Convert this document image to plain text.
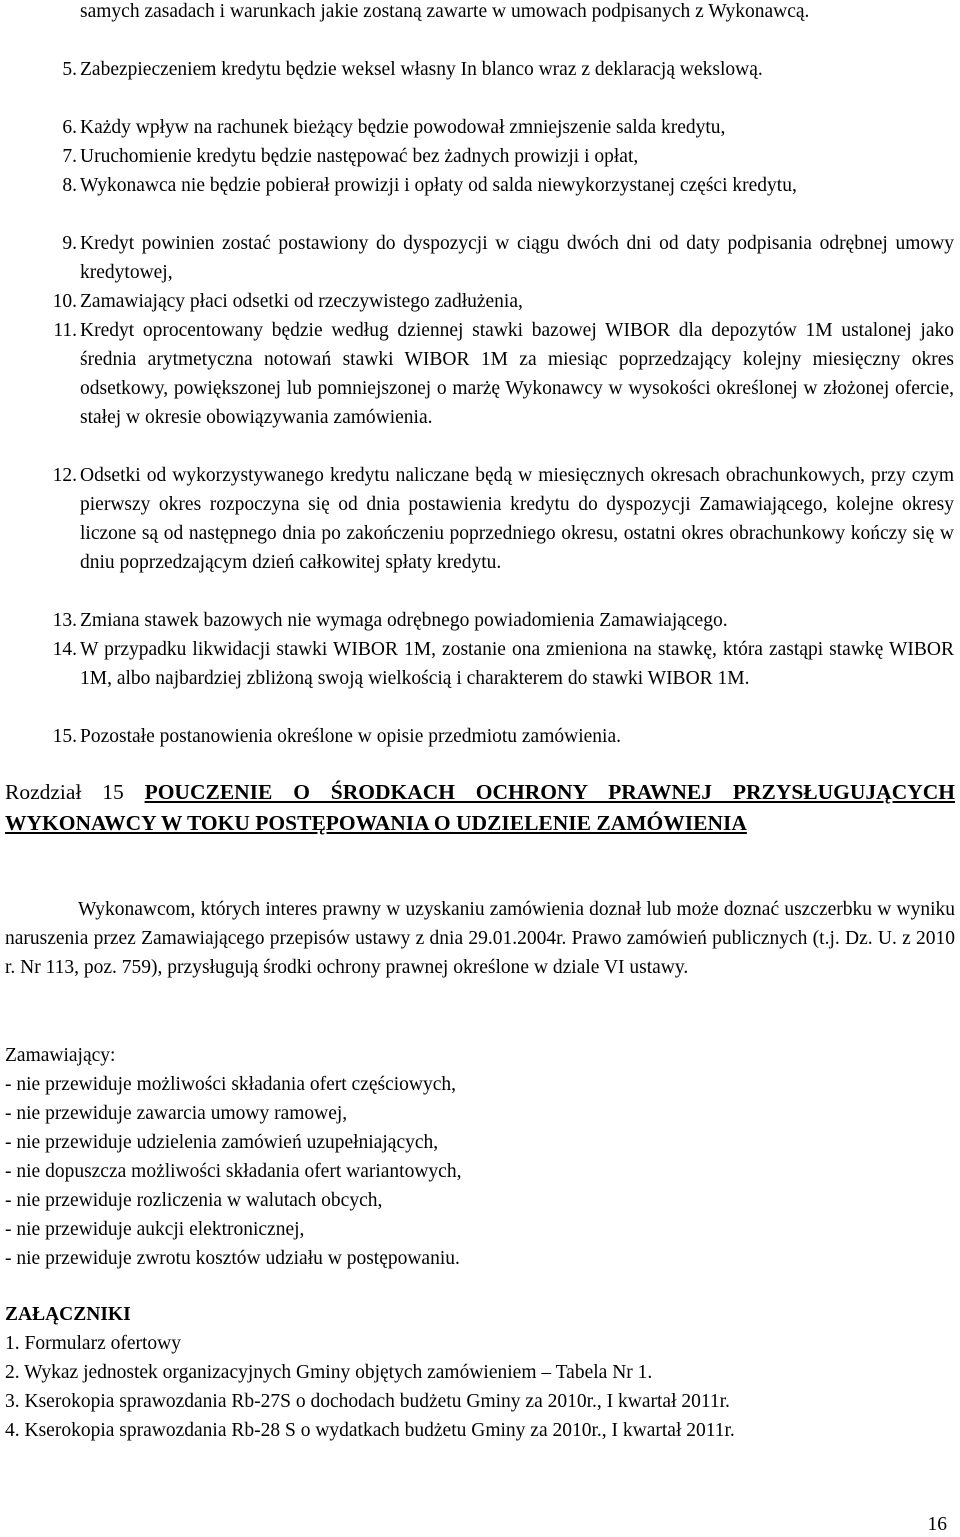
samych zasadach i warunkach jakie zostaną zawarte w umowach podpisanych z Wykonawcą.
5. Zabezpieczeniem kredytu będzie weksel własny In blanco wraz z deklaracją wekslową.
6. Każdy wpływ na rachunek bieżący będzie powodował zmniejszenie salda kredytu,
7. Uruchomienie kredytu będzie następować bez żadnych prowizji i opłat,
8. Wykonawca nie będzie pobierał prowizji i opłaty od salda niewykorzystanej części kredytu,
9. Kredyt powinien zostać postawiony do dyspozycji w ciągu dwóch dni od daty podpisania odrębnej umowy kredytowej,
10. Zamawiający płaci odsetki od rzeczywistego zadłużenia,
11. Kredyt oprocentowany będzie według dziennej stawki bazowej WIBOR dla depozytów 1M ustalonej jako średnia arytmetyczna notowań stawki WIBOR 1M za miesiąc poprzedzający kolejny miesięczny okres odsetkowy, powiększonej lub pomniejszonej o marżę Wykonawcy w wysokości określonej w złożonej ofercie, stałej w okresie obowiązywania zamówienia.
12. Odsetki od wykorzystywanego kredytu naliczane będą w miesięcznych okresach obrachunkowych, przy czym pierwszy okres rozpoczyna się od dnia postawienia kredytu do dyspozycji Zamawiającego, kolejne okresy liczone są od następnego dnia po zakończeniu poprzedniego okresu, ostatni okres obrachunkowy kończy się w dniu poprzedzającym dzień całkowitej spłaty kredytu.
13. Zmiana stawek bazowych nie wymaga odrębnego powiadomienia Zamawiającego.
14. W przypadku likwidacji stawki WIBOR 1M, zostanie ona zmieniona na stawkę, która zastąpi stawkę WIBOR 1M, albo najbardziej zbliżoną swoją wielkością i charakterem do stawki WIBOR 1M.
15. Pozostałe postanowienia określone w opisie przedmiotu zamówienia.
Rozdział 15 POUCZENIE O ŚRODKACH OCHRONY PRAWNEJ PRZYSŁUGUJĄCYCH WYKONAWCY W TOKU POSTĘPOWANIA O UDZIELENIE ZAMÓWIENIA
Wykonawcom, których interes prawny w uzyskaniu zamówienia doznał lub może doznać uszczerbku w wyniku naruszenia przez Zamawiającego przepisów ustawy z dnia 29.01.2004r. Prawo zamówień publicznych (t.j. Dz. U. z 2010 r. Nr 113, poz. 759), przysługują środki ochrony prawnej określone w dziale VI ustawy.
Zamawiający:
- nie przewiduje możliwości składania ofert częściowych,
- nie przewiduje zawarcia umowy ramowej,
- nie przewiduje udzielenia zamówień uzupełniających,
- nie dopuszcza możliwości składania ofert wariantowych,
- nie przewiduje rozliczenia w walutach obcych,
- nie przewiduje aukcji elektronicznej,
- nie przewiduje zwrotu kosztów udziału w postępowaniu.
ZAŁĄCZNIKI
1. Formularz ofertowy
2. Wykaz jednostek organizacyjnych Gminy objętych zamówieniem – Tabela Nr 1.
3. Kserokopia sprawozdania Rb-27S o dochodach budżetu Gminy za 2010r., I kwartał 2011r.
4. Kserokopia sprawozdania Rb-28 S o wydatkach budżetu Gminy za 2010r., I kwartał 2011r.
16
